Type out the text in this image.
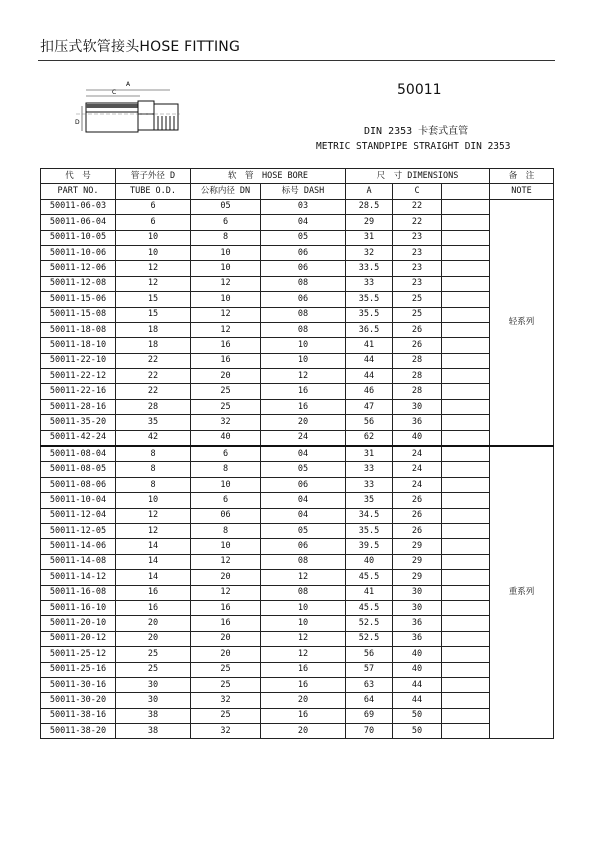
扣压式软管接头HOSE FITTING
A
C
D
50011
DIN 2353 卡套式直管
METRIC STANDPIPE STRAIGHT DIN 2353
代　号	管子外径 D	软　管　HOSE BORE		尺　寸 DIMENSIONS			备　注
PART NO.	TUBE O.D.	公称内径 DN	标号 DASH	A	C		NOTE
50011-06-03	6	05	03	28.5	22		轻系列
50011-06-04	6	6	04	29	22		
50011-10-05	10	8	05	31	23		
50011-10-06	10	10	06	32	23		
50011-12-06	12	10	06	33.5	23		
50011-12-08	12	12	08	33	23		
50011-15-06	15	10	06	35.5	25		
50011-15-08	15	12	08	35.5	25		
50011-18-08	18	12	08	36.5	26		
50011-18-10	18	16	10	41	26		
50011-22-10	22	16	10	44	28		
50011-22-12	22	20	12	44	28		
50011-22-16	22	25	16	46	28		
50011-28-16	28	25	16	47	30		
50011-35-20	35	32	20	56	36		
50011-42-24	42	40	24	62	40		
50011-08-04	8	6	04	31	24		重系列
50011-08-05	8	8	05	33	24		
50011-08-06	8	10	06	33	24		
50011-10-04	10	6	04	35	26		
50011-12-04	12	06	04	34.5	26		
50011-12-05	12	8	05	35.5	26		
50011-14-06	14	10	06	39.5	29		
50011-14-08	14	12	08	40	29		
50011-14-12	14	20	12	45.5	29		
50011-16-08	16	12	08	41	30		
50011-16-10	16	16	10	45.5	30		
50011-20-10	20	16	10	52.5	36		
50011-20-12	20	20	12	52.5	36		
50011-25-12	25	20	12	56	40		
50011-25-16	25	25	16	57	40		
50011-30-16	30	25	16	63	44		
50011-30-20	30	32	20	64	44		
50011-38-16	38	25	16	69	50		
50011-38-20	38	32	20	70	50		
